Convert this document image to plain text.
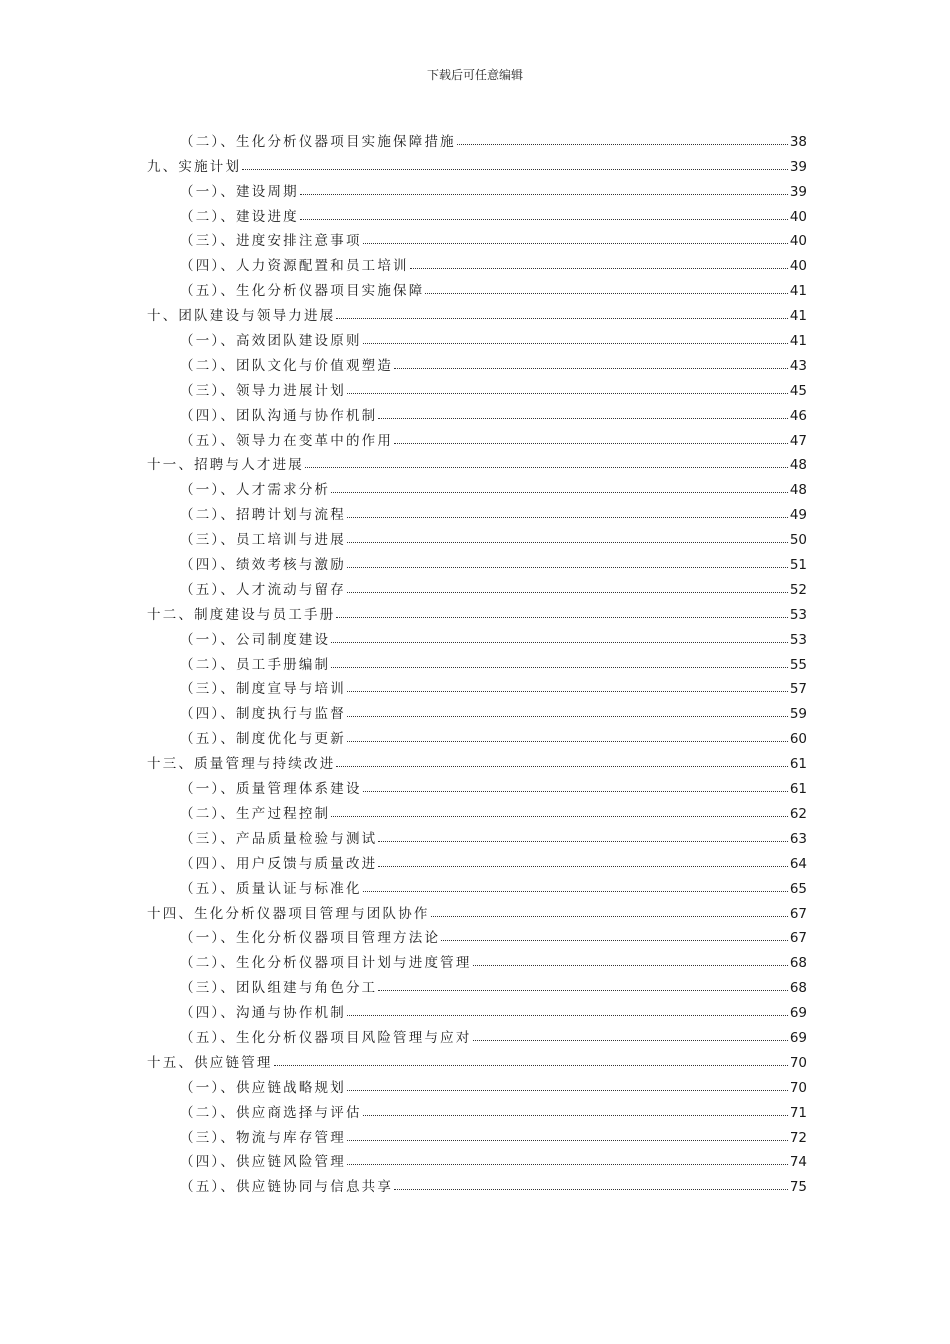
下载后可任意编辑
（二）、生化分析仪器项目实施保障措施	38
九、实施计划	39
（一）、建设周期	39
（二）、建设进度	40
（三）、进度安排注意事项	40
（四）、人力资源配置和员工培训	40
（五）、生化分析仪器项目实施保障	41
十、团队建设与领导力进展	41
（一）、高效团队建设原则	41
（二）、团队文化与价值观塑造	43
（三）、领导力进展计划	45
（四）、团队沟通与协作机制	46
（五）、领导力在变革中的作用	47
十一、招聘与人才进展	48
（一）、人才需求分析	48
（二）、招聘计划与流程	49
（三）、员工培训与进展	50
（四）、绩效考核与激励	51
（五）、人才流动与留存	52
十二、制度建设与员工手册	53
（一）、公司制度建设	53
（二）、员工手册编制	55
（三）、制度宣导与培训	57
（四）、制度执行与监督	59
（五）、制度优化与更新	60
十三、质量管理与持续改进	61
（一）、质量管理体系建设	61
（二）、生产过程控制	62
（三）、产品质量检验与测试	63
（四）、用户反馈与质量改进	64
（五）、质量认证与标准化	65
十四、生化分析仪器项目管理与团队协作	67
（一）、生化分析仪器项目管理方法论	67
（二）、生化分析仪器项目计划与进度管理	68
（三）、团队组建与角色分工	68
（四）、沟通与协作机制	69
（五）、生化分析仪器项目风险管理与应对	69
十五、供应链管理	70
（一）、供应链战略规划	70
（二）、供应商选择与评估	71
（三）、物流与库存管理	72
（四）、供应链风险管理	74
（五）、供应链协同与信息共享	75
